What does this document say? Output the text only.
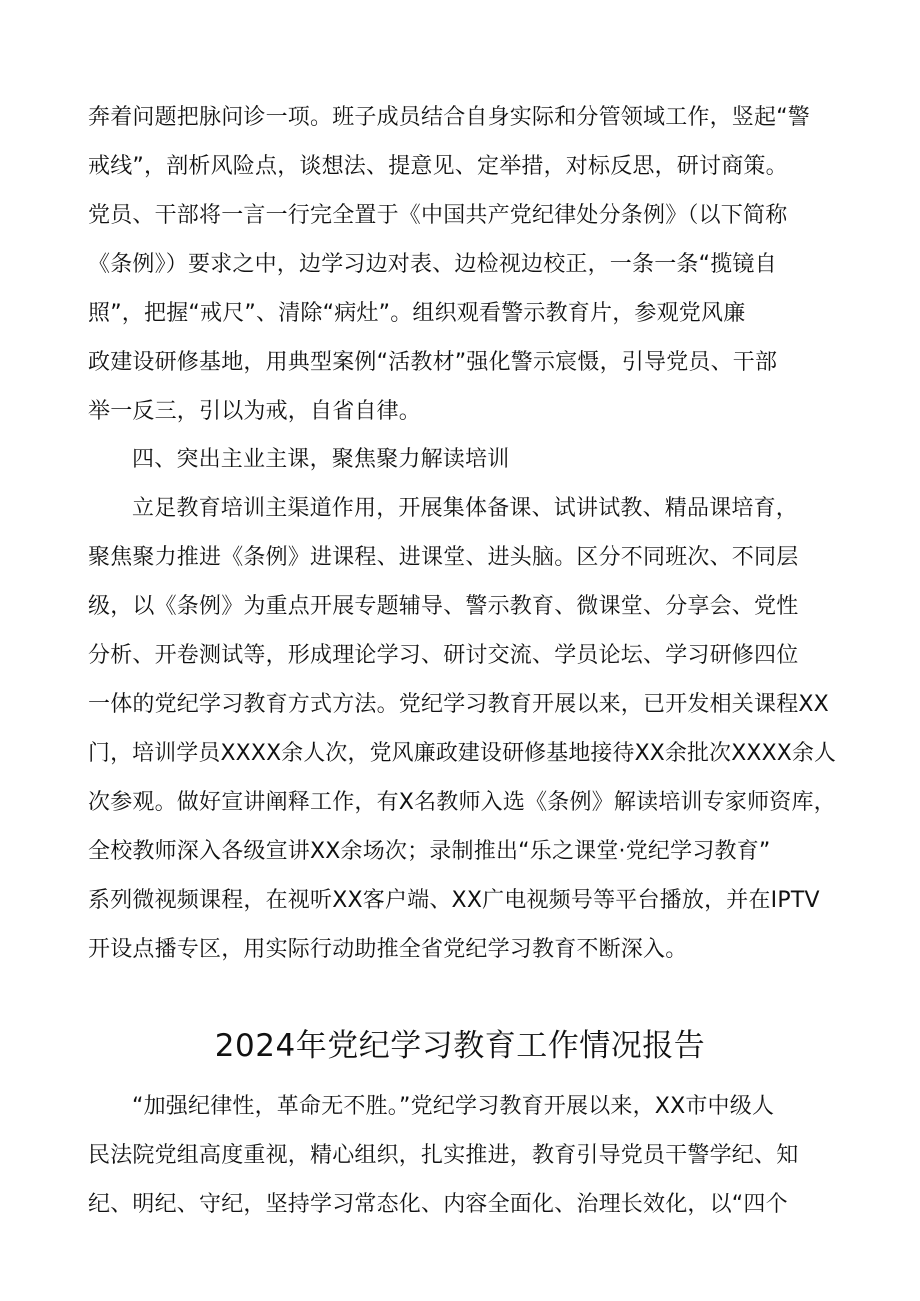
奔着问题把脉问诊一项。班子成员结合自身实际和分管领域工作，竖起“警
戒线”，剖析风险点，谈想法、提意见、定举措，对标反思，研讨商策。
党员、干部将一言一行完全置于《中国共产党纪律处分条例》（以下简称
《条例》）要求之中，边学习边对表、边检视边校正，一条一条“揽镜自
照”，把握“戒尺”、清除“病灶”。组织观看警示教育片，参观党风廉
政建设研修基地，用典型案例“活教材”强化警示宸慑，引导党员、干部
举一反三，引以为戒，自省自律。
四、突出主业主课，聚焦聚力解读培训
立足教育培训主渠道作用，开展集体备课、试讲试教、精品课培育，
聚焦聚力推进《条例》进课程、进课堂、进头脑。区分不同班次、不同层
级，以《条例》为重点开展专题辅导、警示教育、微课堂、分享会、党性
分析、开卷测试等，形成理论学习、研讨交流、学员论坛、学习研修四位
一体的党纪学习教育方式方法。党纪学习教育开展以来，已开发相关课程XX
门，培训学员XXXX余人次，党风廉政建设研修基地接待XX余批次XXXX余人
次参观。做好宣讲阐释工作，有X名教师入选《条例》解读培训专家师资库，
全校教师深入各级宣讲XX余场次；录制推出“乐之课堂·党纪学习教育”
系列微视频课程，在视听XX客户端、XX广电视频号等平台播放，并在IPTV
开设点播专区，用实际行动助推全省党纪学习教育不断深入。
2024年党纪学习教育工作情况报告
“加强纪律性，革命无不胜。”党纪学习教育开展以来，XX市中级人
民法院党组高度重视，精心组织，扎实推进，教育引导党员干警学纪、知
纪、明纪、守纪，坚持学习常态化、内容全面化、治理长效化，以“四个
